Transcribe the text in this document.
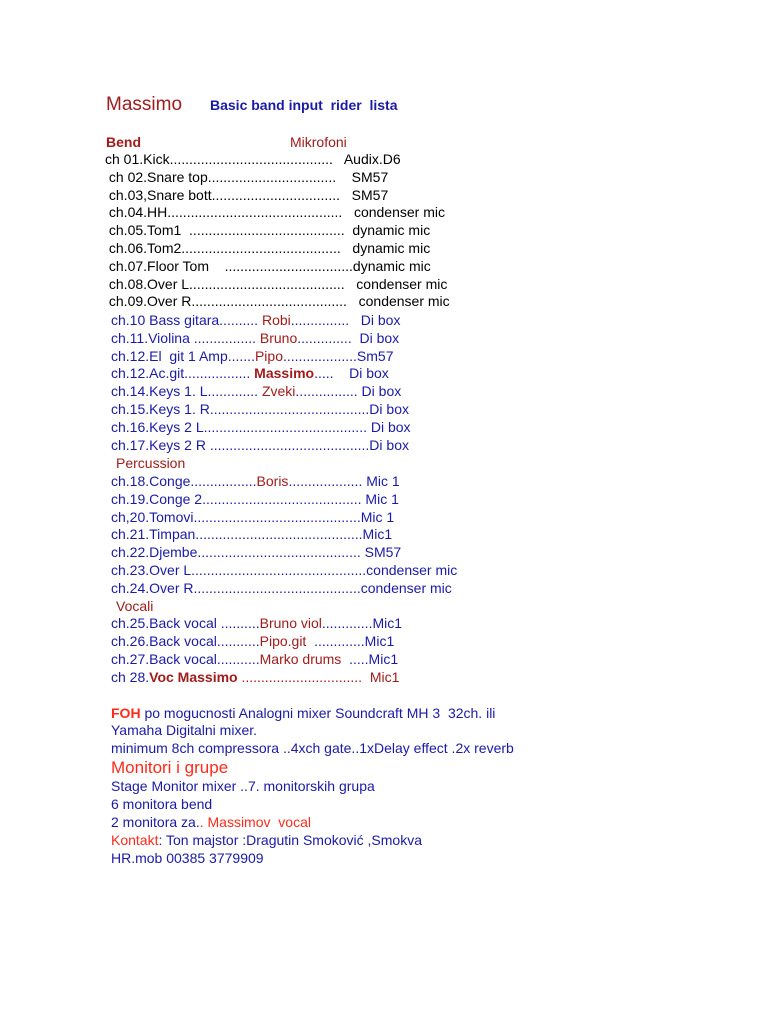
Massimo Basic band input  rider  lista
Bend	Mikrofoni
ch 01.Kick..........................................   Audix.D6
ch 02.Snare top.................................    SM57
ch.03,Snare bott.................................   SM57
ch.04.HH.............................................   condenser mic
ch.05.Tom1  ........................................  dynamic mic
ch.06.Tom2.........................................   dynamic mic
ch.07.Floor Tom    .................................dynamic mic
ch.08.Over L........................................   condenser mic
ch.09.Over R........................................   condenser mic
ch.10 Bass gitara.......... Robi...............   Di box
ch.11.Violina ................ Bruno..............  Di box
ch.12.El  git 1 Amp.......Pipo...................Sm57
ch.12.Ac.git................. Massimo.....    Di box
ch.14.Keys 1. L............. Zveki................ Di box
ch.15.Keys 1. R.........................................Di box
ch.16.Keys 2 L.......................................... Di box
ch.17.Keys 2 R .........................................Di box
Percussion
ch.18.Conge.................Boris................... Mic 1
ch.19.Conge 2......................................... Mic 1
ch,20.Tomovi...........................................Mic 1
ch.21.Timpan...........................................Mic1
ch.22.Djembe.......................................... SM57
ch.23.Over L.............................................condenser mic
ch.24.Over R...........................................condenser mic
Vocali
ch.25.Back vocal ..........Bruno viol.............Mic1
ch.26.Back vocal...........Pipo.git  .............Mic1
ch.27.Back vocal...........Marko drums  .....Mic1
ch 28.Voc Massimo ...............................  Mic1
FOH po mogucnosti Analogni mixer Soundcraft MH 3  32ch. ili
Yamaha Digitalni mixer.
minimum 8ch compressora ..4xch gate..1xDelay effect .2x reverb
Monitori i grupe
Stage Monitor mixer ..7. monitorskih grupa
6 monitora bend
2 monitora za.. Massimov  vocal
Kontakt: Ton majstor :Dragutin Smoković ,Smokva
HR.mob 00385 3779909
